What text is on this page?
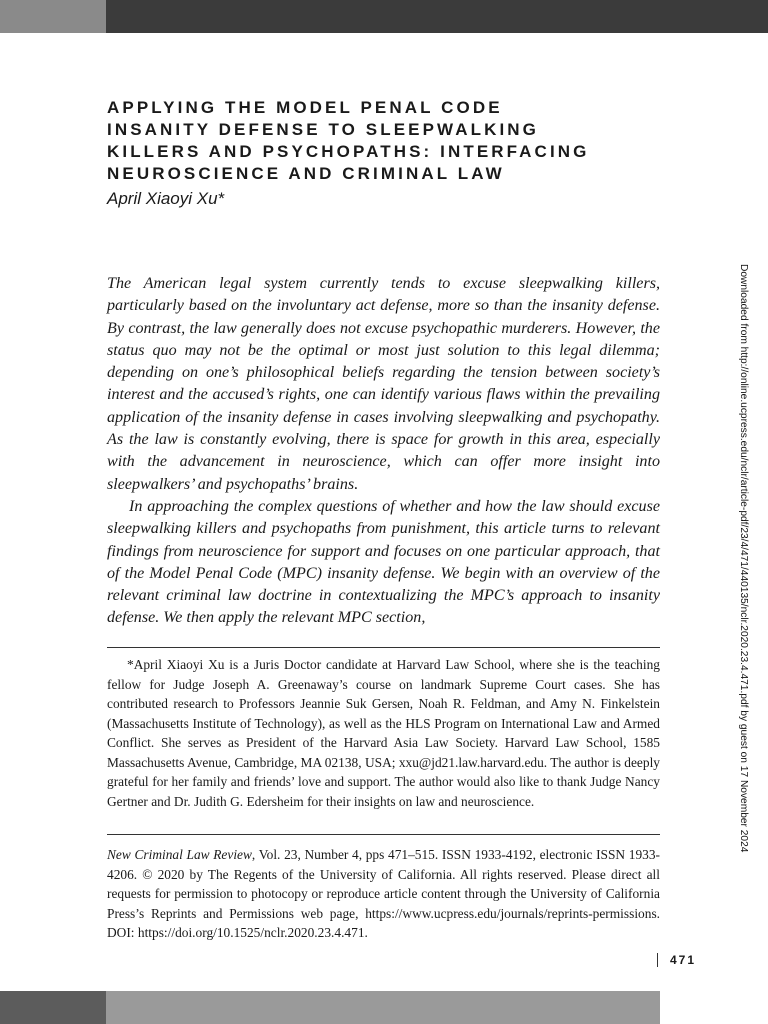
APPLYING THE MODEL PENAL CODE
INSANITY DEFENSE TO SLEEPWALKING
KILLERS AND PSYCHOPATHS: INTERFACING
NEUROSCIENCE AND CRIMINAL LAW

April Xiaoyi Xu*

The American legal system currently tends to excuse sleepwalking killers, particularly based on the involuntary act defense, more so than the insanity defense. By contrast, the law generally does not excuse psychopathic murderers. However, the status quo may not be the optimal or most just solution to this legal dilemma; depending on one’s philosophical beliefs regarding the tension between society’s interest and the accused’s rights, one can identify various flaws within the prevailing application of the insanity defense in cases involving sleepwalking and psychopathy. As the law is constantly evolving, there is space for growth in this area, especially with the advancement in neuroscience, which can offer more insight into sleepwalkers’ and psychopaths’ brains.

In approaching the complex questions of whether and how the law should excuse sleepwalking killers and psychopaths from punishment, this article turns to relevant findings from neuroscience for support and focuses on one particular approach, that of the Model Penal Code (MPC) insanity defense. We begin with an overview of the relevant criminal law doctrine in contextualizing the MPC’s approach to insanity defense. We then apply the relevant MPC section,

*April Xiaoyi Xu is a Juris Doctor candidate at Harvard Law School, where she is the teaching fellow for Judge Joseph A. Greenaway’s course on landmark Supreme Court cases. She has contributed research to Professors Jeannie Suk Gersen, Noah R. Feldman, and Amy N. Finkelstein (Massachusetts Institute of Technology), as well as the HLS Program on International Law and Armed Conflict. She serves as President of the Harvard Asia Law Society. Harvard Law School, 1585 Massachusetts Avenue, Cambridge, MA 02138, USA; xxu@jd21.law.harvard.edu. The author is deeply grateful for her family and friends’ love and support. The author would also like to thank Judge Nancy Gertner and Dr. Judith G. Edersheim for their insights on law and neuroscience.

New Criminal Law Review, Vol. 23, Number 4, pps 471–515. ISSN 1933-4192, electronic ISSN 1933-4206. © 2020 by The Regents of the University of California. All rights reserved. Please direct all requests for permission to photocopy or reproduce article content through the University of California Press’s Reprints and Permissions web page, https://www.ucpress.edu/journals/reprints-permissions. DOI: https://doi.org/10.1525/nclr.2020.23.4.471.

471
Downloaded from http://online.ucpress.edu/nclr/article-pdf/23/4/471/440135/nclr.2020.23.4.471.pdf by guest on 17 November 2024
